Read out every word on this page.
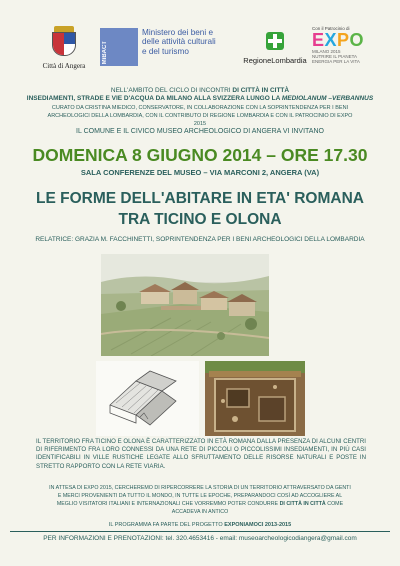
Città di Angera
MiBACT
Ministero dei beni e delle attività culturali e del turismo
RegioneLombardia
Con il Patrocinio di
EXPO
MILANO 2015
NUTRIRE IL PIANETA ENERGIA PER LA VITA
NELL'AMBITO DEL CICLO DI INCONTRI DI CITTÀ IN CITTÀ
INSEDIAMENTI, STRADE E VIE D'ACQUA DA MILANO ALLA SVIZZERA LUNGO LA MEDIOLANUM –VERBANNUS
CURATO DA CRISTINA MIEDICO, CONSERVATORE, IN COLLABORAZIONE CON LA SOPRINTENDENZA PER I BENI ARCHEOLOGICI DELLA LOMBARDIA, CON IL CONTRIBUTO DI REGIONE LOMBARDIA E CON IL PATROCINIO DI EXPO 2015
IL COMUNE E IL CIVICO MUSEO ARCHEOLOGICO DI ANGERA VI INVITANO
DOMENICA 8 GIUGNO 2014 – ORE 17.30
SALA CONFERENZE DEL MUSEO – VIA MARCONI 2, ANGERA (VA)
LE FORME DELL'ABITARE IN ETA' ROMANA
TRA TICINO E OLONA
RELATRICE: GRAZIA M. FACCHINETTI, SOPRINTENDENZA PER I BENI ARCHEOLOGICI DELLA LOMBARDIA
IL TERRITORIO FRA TICINO E OLONA È CARATTERIZZATO IN ETÀ ROMANA DALLA PRESENZA DI ALCUNI CENTRI DI RIFERIMENTO FRA LORO CONNESSI DA UNA RETE DI PICCOLI O PICCOLISSIMI INSEDIAMENTI, IN PIÙ CASI IDENTIFICABILI IN VILLE RUSTICHE LEGATE ALLO SFRUTTAMENTO DELLE RISORSE NATURALI E POSTE IN STRETTO RAPPORTO CON LA RETE VIARIA.
IN ATTESA DI EXPO 2015, CERCHEREMO DI RIPERCORRERE LA STORIA DI UN TERRITORIO ATTRAVERSATO DA GENTI E MERCI PROVENIENTI DA TUTTO IL MONDO, IN TUTTE LE EPOCHE, PREPARANDOCI COSÌ AD ACCOGLIERE AL MEGLIO VISITATORI ITALIANI E INTERNAZIONALI CHE VORREMMO POTER CONDURRE DI CITTÀ IN CITTÀ COME ACCADEVA IN ANTICO
IL PROGRAMMA FA PARTE DEL PROGETTO EXPONIAMOCI 2013-2015
PER INFORMAZIONI E PRENOTAZIONI: tel. 320.4653416 - email: museoarcheologicodiangera@gmail.com
